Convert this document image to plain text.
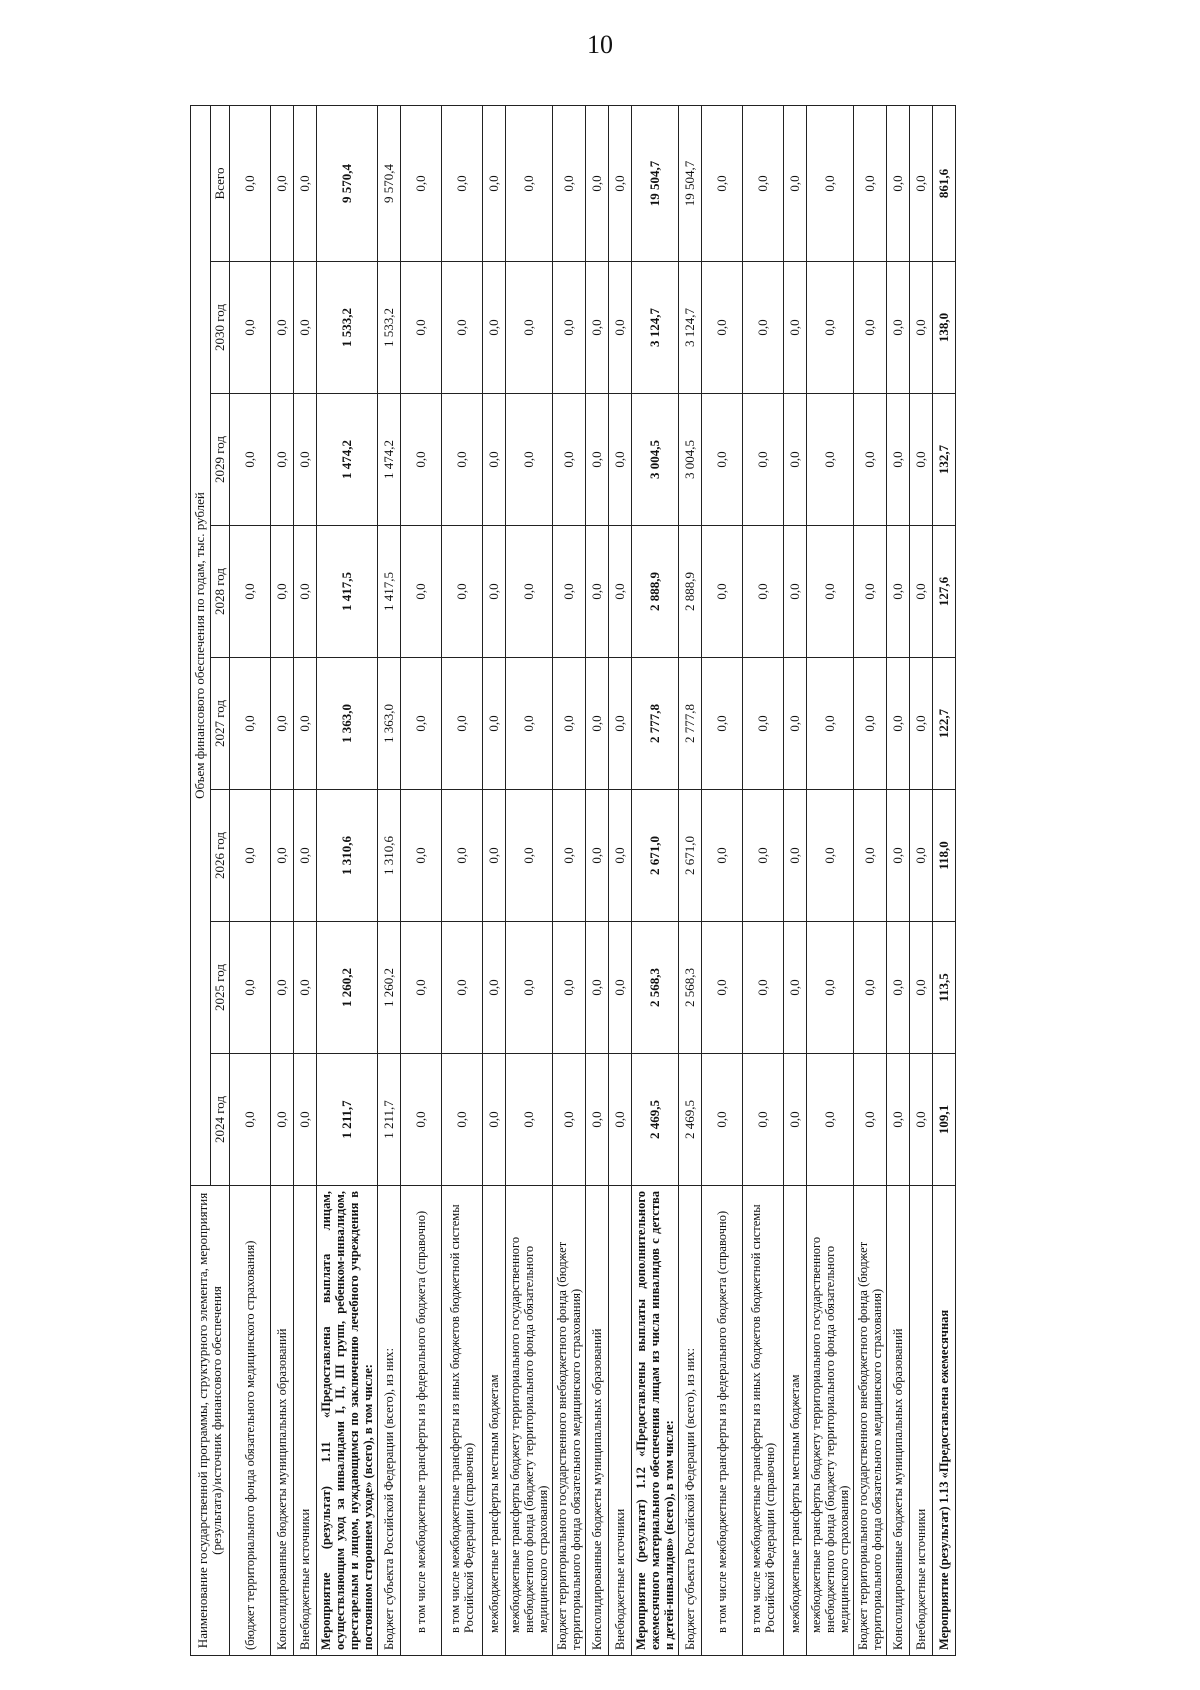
10
Наименование государственной программы, структурного элемента, мероприятия (результата)/источник финансового обеспечения	Объем финансового обеспечения по годам, тыс. рублей							
	2024 год	2025 год	2026 год	2027 год	2028 год	2029 год	2030 год	Всего
(бюджет территориального фонда обязательного медицинского страхования)	0,0	0,0	0,0	0,0	0,0	0,0	0,0	0,0
Консолидированные бюджеты муниципальных образований	0,0	0,0	0,0	0,0	0,0	0,0	0,0	0,0
Внебюджетные источники	0,0	0,0	0,0	0,0	0,0	0,0	0,0	0,0
Мероприятие (результат) 1.11 «Предоставлена выплата лицам, осуществляющим уход за инвалидами I, II, III групп, ребенком-инвалидом, престарелым и лицом, нуждающимся по заключению лечебного учреждения в постоянном стороннем уходе» (всего), в том числе:	1 211,7	1 260,2	1 310,6	1 363,0	1 417,5	1 474,2	1 533,2	9 570,4
Бюджет субъекта Российской Федерации (всего), из них:	1 211,7	1 260,2	1 310,6	1 363,0	1 417,5	1 474,2	1 533,2	9 570,4
в том числе межбюджетные трансферты из федерального бюджета (справочно)	0,0	0,0	0,0	0,0	0,0	0,0	0,0	0,0
в том числе межбюджетные трансферты из иных бюджетов бюджетной системы Российской Федерации (справочно)	0,0	0,0	0,0	0,0	0,0	0,0	0,0	0,0
межбюджетные трансферты местным бюджетам	0,0	0,0	0,0	0,0	0,0	0,0	0,0	0,0
межбюджетные трансферты бюджету территориального государственного внебюджетного фонда (бюджету территориального фонда обязательного медицинского страхования)	0,0	0,0	0,0	0,0	0,0	0,0	0,0	0,0
Бюджет территориального государственного внебюджетного фонда (бюджет территориального фонда обязательного медицинского страхования)	0,0	0,0	0,0	0,0	0,0	0,0	0,0	0,0
Консолидированные бюджеты муниципальных образований	0,0	0,0	0,0	0,0	0,0	0,0	0,0	0,0
Внебюджетные источники	0,0	0,0	0,0	0,0	0,0	0,0	0,0	0,0
Мероприятие (результат) 1.12 «Предоставлены выплаты дополнительного ежемесячного материального обеспечения лицам из числа инвалидов с детства и детей-инвалидов» (всего), в том числе:	2 469,5	2 568,3	2 671,0	2 777,8	2 888,9	3 004,5	3 124,7	19 504,7
Бюджет субъекта Российской Федерации (всего), из них:	2 469,5	2 568,3	2 671,0	2 777,8	2 888,9	3 004,5	3 124,7	19 504,7
в том числе межбюджетные трансферты из федерального бюджета (справочно)	0,0	0,0	0,0	0,0	0,0	0,0	0,0	0,0
в том числе межбюджетные трансферты из иных бюджетов бюджетной системы Российской Федерации (справочно)	0,0	0,0	0,0	0,0	0,0	0,0	0,0	0,0
межбюджетные трансферты местным бюджетам	0,0	0,0	0,0	0,0	0,0	0,0	0,0	0,0
межбюджетные трансферты бюджету территориального государственного внебюджетного фонда (бюджету территориального фонда обязательного медицинского страхования)	0,0	0,0	0,0	0,0	0,0	0,0	0,0	0,0
Бюджет территориального государственного внебюджетного фонда (бюджет территориального фонда обязательного медицинского страхования)	0,0	0,0	0,0	0,0	0,0	0,0	0,0	0,0
Консолидированные бюджеты муниципальных образований	0,0	0,0	0,0	0,0	0,0	0,0	0,0	0,0
Внебюджетные источники	0,0	0,0	0,0	0,0	0,0	0,0	0,0	0,0
Мероприятие (результат) 1.13 «Предоставлена ежемесячная	109,1	113,5	118,0	122,7	127,6	132,7	138,0	861,6
